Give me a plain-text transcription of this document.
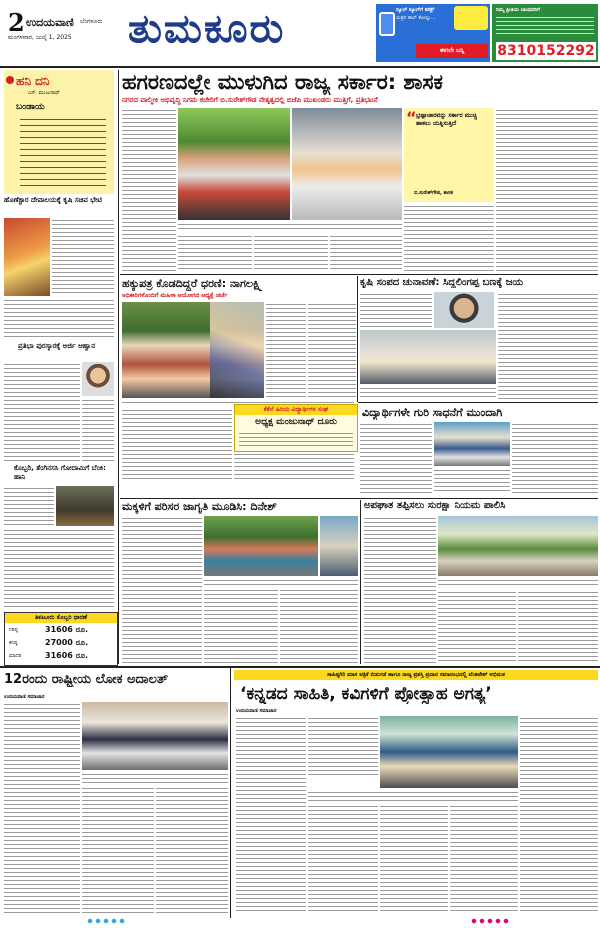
2 ಉದಯವಾಣಿ ಬೆಂಗಳೂರು
ಮಂಗಳವಾರ, ಜುಲೈ 1, 2025 ತುಮಕೂರು	ಸ್ಕೂಲ್ ಸ್ಕೂಲ್‌ಗೆ ಕನೆಕ್ಟ್
ಮಿತ್ರನ ಕಾಲ್ ಕೋಲ್ಲು...
ಈಗಲೇ ಬನ್ನಿ
ನಿಮ್ಮ ಪ್ರೀತಿಯ ಬಾಂಧವರಿಗೆ
8310152292
ಹನಿ ದನಿ
ಎಸ್. ಮಂಜುನಾಥ್
ಬಂಡಾಯ
ಹೊಣೆಕ್ಟಾರ ದೇವಾಲಯಕ್ಕೆ ಕೃಷಿ ಸಚಿವ ಭೇಟಿ
ಪ್ರತಿಭಾ ಪುರಸ್ಕಾರಕ್ಕೆ ಅರ್ಜಿ ಆಹ್ವಾನ
ಕೊಬ್ಬರಿ, ತೆಂಗಿನಸಸಿ ಗೋದಾಮಿಗೆ ಬೆಂಕಿ: ಹಾನಿ
ತಿಪಟೂರು ಕೊಬ್ಬರಿ ಧಾರಣೆ
ಗರಿಷ್ಠ	31606 ರೂ.
ಕನಿಷ್ಠ	27000 ರೂ.
ಮಾದರಿ	31606 ರೂ.
ಹಗರಣದಲ್ಲೇ ಮುಳುಗಿದ ರಾಜ್ಯ ಸರ್ಕಾರ: ಶಾಸಕ
ನಗರದ ವಾಲ್ಮೀಕಿ ಅಭಿವೃದ್ಧಿ ನಿಗಮ ಕಚೇರಿಗೆ ಬಿ.ಸುರೇಶ್‌ಗೌಡ ನೇತೃತ್ವದಲ್ಲಿ ಬಿಜೆಪಿ ಮುಖಂಡರು ಮುತ್ತಿಗೆ, ಪ್ರತಿಭಟನೆ
“ ಭ್ರಷ್ಟಾಚಾರವನ್ನು ಸರ್ಕಾರ ಮುಚ್ಚಿ ಹಾಕಲು ಯತ್ನಿಸುತ್ತಿದೆ
ಬಿ.ಸುರೇಶ್‌ಗೌಡ, ಶಾಸಕ
ಹಕ್ಕುಪತ್ರ ಕೊಡದಿದ್ದರೆ ಧರಣಿ: ನಾಗಲಕ್ಷ್ಮಿ
ಅಧಿಕಾರಿಗಳೊಂದಿಗೆ ಮಹಿಳಾ ಆಯೋಗದ ಅಧ್ಯಕ್ಷೆ ಚರ್ಚೆ
ಕೆಕೆಲೆ ಹಿರಿಯ ವಿದ್ಯಾರ್ಥಿಗಳ ಸಂಘ
ಅಧ್ಯಕ್ಷ ಮಂಜುನಾಥ್ ದೂರು
ಕೃಷಿ ಸಂಪದ ಚುನಾವಣೆ: ಸಿದ್ದಲಿಂಗಪ್ಪ ಬಣಕ್ಕೆ ಜಯ
ವಿದ್ಯಾರ್ಥಿಗಳೇ ಗುರಿ ಸಾಧನೆಗೆ ಮುಂದಾಗಿ
ಮಕ್ಕಳಿಗೆ ಪರಿಸರ ಜಾಗೃತಿ ಮೂಡಿಸಿ: ದಿನೇಶ್	ಅಪಘಾತ ತಪ್ಪಿಸಲು ಸುರಕ್ಷಾ ನಿಯಮ ಪಾಲಿಸಿ
12ರಂದು ರಾಷ್ಟ್ರೀಯ ಲೋಕ ಅದಾಲತ್
ಉದಯವಾಣಿ ಸಮಾಚಾರ
ಸಾಹಿತ್ಯಗಿರಿ ಮಾಸ ಪತ್ರಿಕೆ ಬಿಡುಗಡೆ ಹಾಗೂ ರಾಜ್ಯ ಪ್ರಶಸ್ತಿ ಪ್ರದಾನ ಸಮಾರಂಭದಲ್ಲಿ ವೆಂಕಟೇಶ್ ಅಭಿಮತ
‘ಕನ್ನಡದ ಸಾಹಿತಿ, ಕವಿಗಳಿಗೆ ಪ್ರೋತ್ಸಾಹ ಅಗತ್ಯ’
ಉದಯವಾಣಿ ಸಮಾಚಾರ
